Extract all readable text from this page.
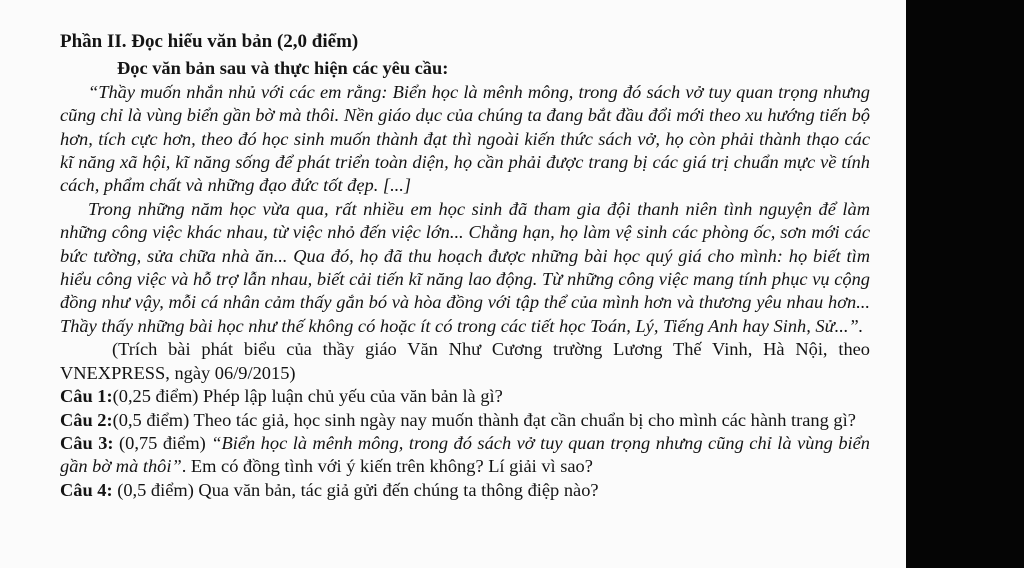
Phần II. Đọc hiểu văn bản (2,0 điểm)

Đọc văn bản sau và thực hiện các yêu cầu:

“Thầy muốn nhắn nhủ với các em rằng: Biển học là mênh mông, trong đó sách vở tuy quan trọng nhưng cũng chỉ là vùng biển gần bờ mà thôi. Nền giáo dục của chúng ta đang bắt đầu đổi mới theo xu hướng tiến bộ hơn, tích cực hơn, theo đó học sinh muốn thành đạt thì ngoài kiến thức sách vở, họ còn phải thành thạo các kĩ năng xã hội, kĩ năng sống để phát triển toàn diện, họ cần phải được trang bị các giá trị chuẩn mực về tính cách, phẩm chất và những đạo đức tốt đẹp. [...]

Trong những năm học vừa qua, rất nhiều em học sinh đã tham gia đội thanh niên tình nguyện để làm những công việc khác nhau, từ việc nhỏ đến việc lớn... Chẳng hạn, họ làm vệ sinh các phòng ốc, sơn mới các bức tường, sửa chữa nhà ăn... Qua đó, họ đã thu hoạch được những bài học quý giá cho mình: họ biết tìm hiểu công việc và hỗ trợ lẫn nhau, biết cải tiến kĩ năng lao động. Từ những công việc mang tính phục vụ cộng đồng như vậy, mỗi cá nhân cảm thấy gắn bó và hòa đồng với tập thể của mình hơn và thương yêu nhau hơn... Thầy thấy những bài học như thế không có hoặc ít có trong các tiết học Toán, Lý, Tiếng Anh hay Sinh, Sử...”.

(Trích bài phát biểu của thầy giáo Văn Như Cương trường Lương Thế Vinh, Hà Nội, theo VNEXPRESS, ngày 06/9/2015)

Câu 1:(0,25 điểm) Phép lập luận chủ yếu của văn bản là gì?

Câu 2:(0,5 điểm) Theo tác giả, học sinh ngày nay muốn thành đạt cần chuẩn bị cho mình các hành trang gì?

Câu 3: (0,75 điểm) “Biển học là mênh mông, trong đó sách vở tuy quan trọng nhưng cũng chỉ là vùng biển gần bờ mà thôi”. Em có đồng tình với ý kiến trên không? Lí giải vì sao?

Câu 4: (0,5 điểm) Qua văn bản, tác giả gửi đến chúng ta thông điệp nào?
